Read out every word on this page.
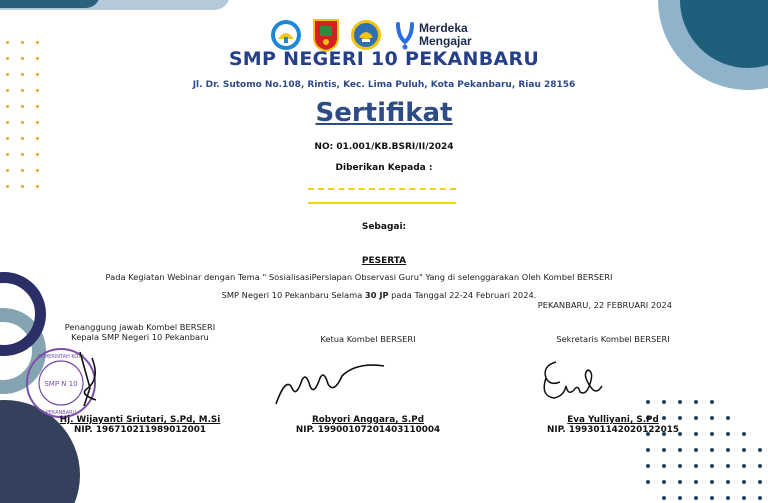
Merdeka
Mengajar
SMP NEGERI 10 PEKANBARU
Jl. Dr. Sutomo No.108, Rintis, Kec. Lima Puluh, Kota Pekanbaru, Riau 28156
Sertifikat
NO: 01.001/KB.BSRI/II/2024
Diberikan Kepada :
Sebagai:
PESERTA
Pada Kegiatan Webinar dengan Tema " SosialisasiPersiapan Observasi Guru" Yang di selenggarakan Oleh Kombel BERSERI
SMP Negeri 10 Pekanbaru Selama 30 JP pada Tanggal 22-24 Februari 2024.
PEKANBARU, 22 FEBRUARI 2024
Penanggung jawab Kombel BERSERI
Kepala SMP Negeri 10 Pekanbaru	Ketua Kombel BERSERI	Sekretaris Kombel BERSERI
SMP N 10
PEMERINTAH KOTA
PEKANBARU
Hj. Wijayanti Sriutari, S.Pd, M.Si
NIP. 196710211989012001
Robyori Anggara, S.Pd
NIP. 19900107201403110004
Eva Yulliyani, S.Pd
NIP. 199301142020122015
